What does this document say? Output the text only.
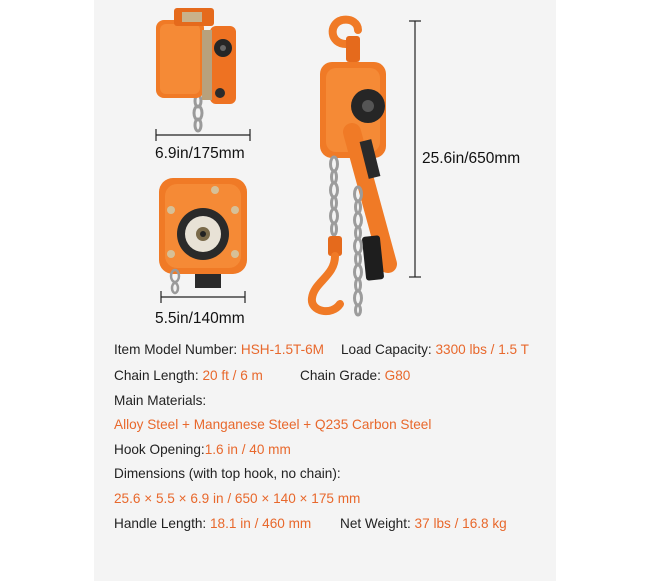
6.9in/175mm
5.5in/140mm
25.6in/650mm
Item Model Number: HSH-1.5T-6M Load Capacity: 3300 lbs / 1.5 T
Chain Length: 20 ft / 6 m	Chain Grade: G80
Main Materials:
Alloy Steel + Manganese Steel + Q235 Carbon Steel
Hook Opening:1.6 in / 40 mm
Dimensions (with top hook, no chain):
25.6 × 5.5 × 6.9 in / 650 × 140 × 175 mm
Handle Length: 18.1 in / 460 mm Net Weight: 37 lbs / 16.8 kg
